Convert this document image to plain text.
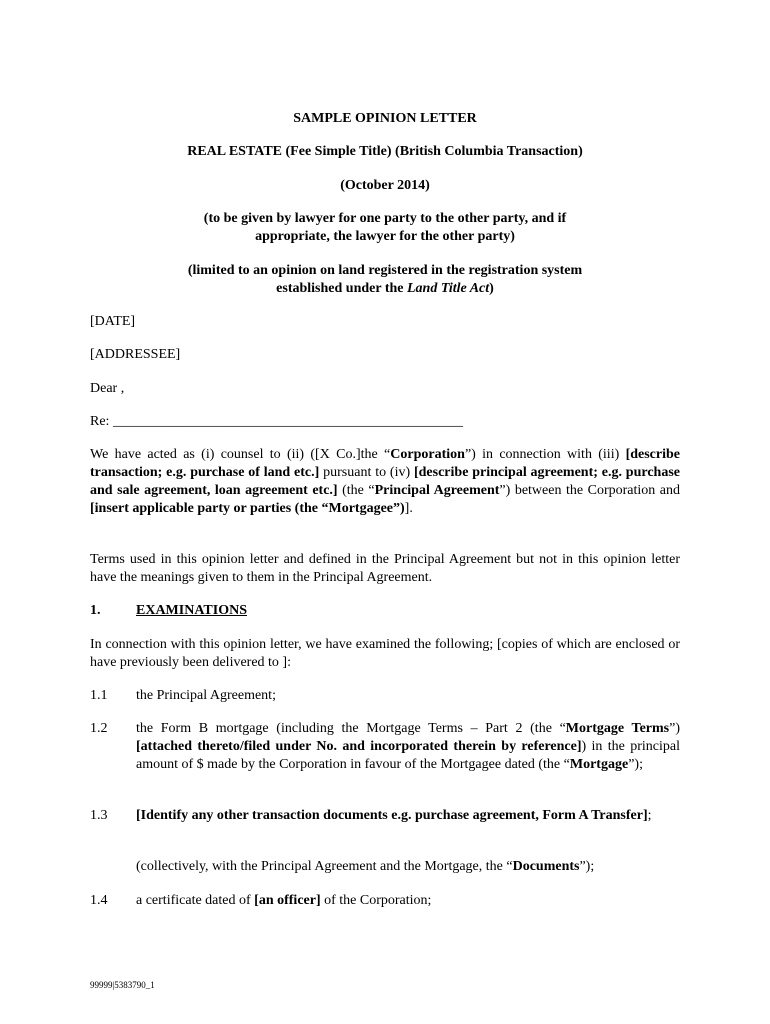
SAMPLE OPINION LETTER

REAL ESTATE (Fee Simple Title) (British Columbia Transaction)

(October 2014)

(to be given by lawyer for one party to the other party, and if appropriate, the lawyer for the other party)

(limited to an opinion on land registered in the registration system established under the Land Title Act)

[DATE]

[ADDRESSEE]

Dear ,

Re: __________________________________________________

We have acted as (i) counsel to (ii) ([X Co.]the “Corporation”) in connection with (iii) [describe transaction; e.g. purchase of land etc.] pursuant to (iv) [describe principal agreement; e.g. purchase and sale agreement, loan agreement etc.] (the “Principal Agreement”) between the Corporation and [insert applicable party or parties (the “Mortgagee”)].

Terms used in this opinion letter and defined in the Principal Agreement but not in this opinion letter have the meanings given to them in the Principal Agreement.

1.	EXAMINATIONS

In connection with this opinion letter, we have examined the following; [copies of which are enclosed or have previously been delivered to ]:

1.1 the Principal Agreement;

1.2 the Form B mortgage (including the Mortgage Terms – Part 2 (the “Mortgage Terms”) [attached thereto/filed under No. and incorporated therein by reference]) in the principal amount of $ made by the Corporation in favour of the Mortgagee dated (the “Mortgage”);

1.3 [Identify any other transaction documents e.g. purchase agreement, Form A Transfer];

(collectively, with the Principal Agreement and the Mortgage, the “Documents”);

1.4 a certificate dated of [an officer] of the Corporation;

99999|5383790_1
